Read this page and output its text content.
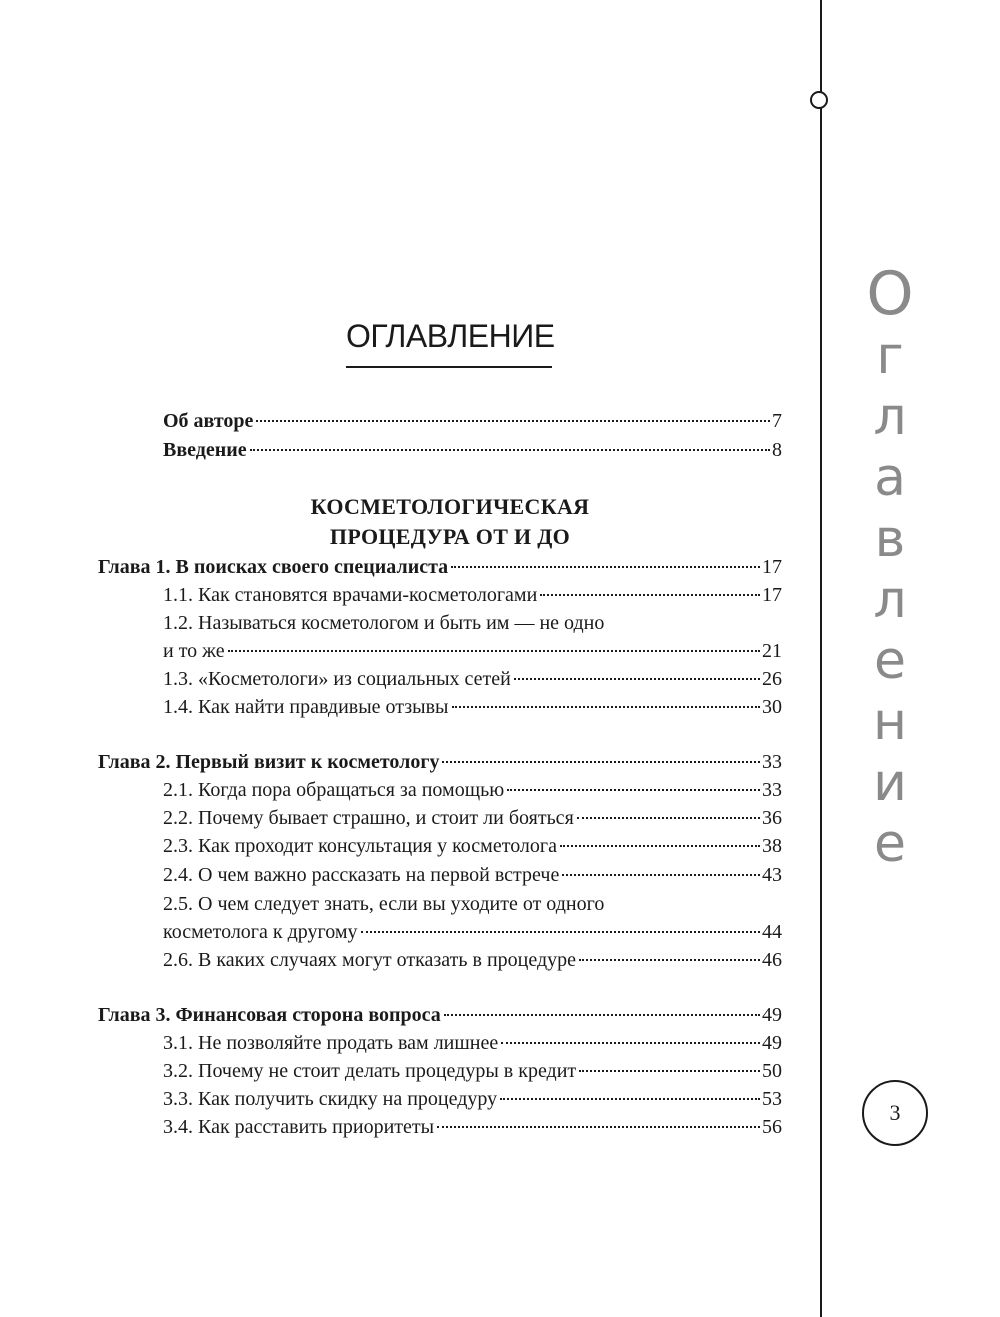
О
г
л
а
в
л
е
н
и
е
3
ОГЛАВЛЕНИЕ
Об авторе	7
Введение	8
КОСМЕТОЛОГИЧЕСКАЯ
ПРОЦЕДУРА ОТ И ДО
Глава 1. В поисках своего специалиста	17
1.1. Как становятся врачами-косметологами	17
1.2. Называться косметологом и быть им — не одно
и то же	21
1.3. «Косметологи» из социальных сетей	26
1.4. Как найти правдивые отзывы	30
Глава 2. Первый визит к косметологу	33
2.1. Когда пора обращаться за помощью	33
2.2. Почему бывает страшно, и стоит ли бояться	36
2.3. Как проходит консультация у косметолога	38
2.4. О чем важно рассказать на первой встрече	43
2.5. О чем следует знать, если вы уходите от одного
косметолога к другому	44
2.6. В каких случаях могут отказать в процедуре	46
Глава 3. Финансовая сторона вопроса	49
3.1. Не позволяйте продать вам лишнее	49
3.2. Почему не стоит делать процедуры в кредит	50
3.3. Как получить скидку на процедуру	53
3.4. Как расставить приоритеты	56
